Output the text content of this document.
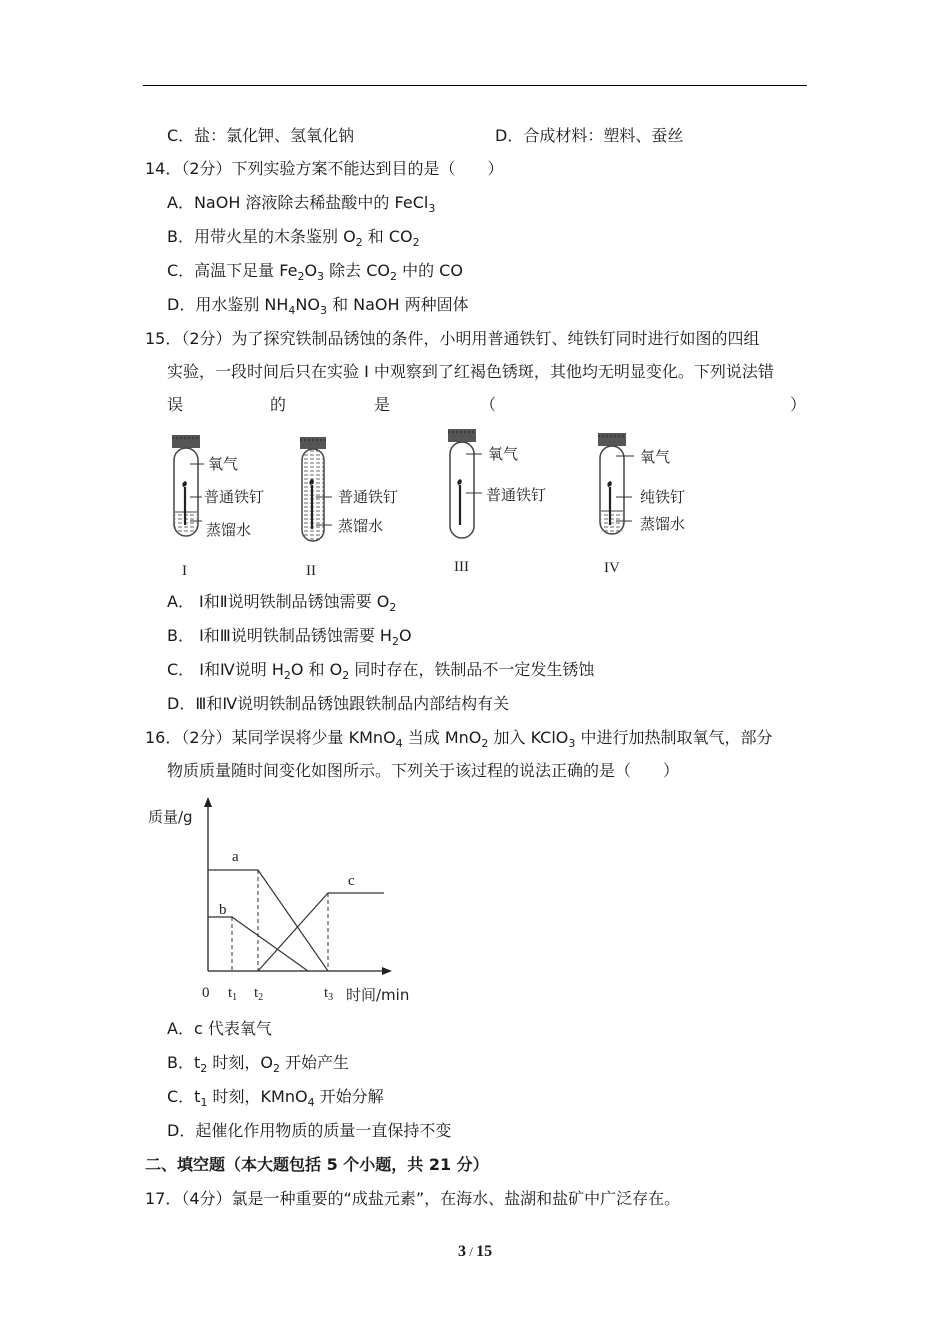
C．盐：氯化钾、氢氧化钠	D．合成材料：塑料、蚕丝
14．（2分）下列实验方案不能达到目的是（　　）
A．NaOH 溶液除去稀盐酸中的 FeCl$_3$
B．用带火星的木条鉴别 $O_2$ 和 $CO_2$
C．高温下足量 $Fe_2O_3$ 除去 $CO_2$ 中的 CO
D．用水鉴别 $NH_4NO_3$ 和 NaOH 两种固体
15．（2分）为了探究铁制品锈蚀的条件，小明用普通铁钉、纯铁钉同时进行如图的四组
实验，一段时间后只在实验 I 中观察到了红褐色锈斑，其他均无明显变化。下列说法错
误	的	是	（	）
氧气
普通铁钉
蒸馏水
I
普通铁钉
蒸馏水
II
氧气
普通铁钉
III
氧气
纯铁钉
蒸馏水
IV
A． Ⅰ和Ⅱ说明铁制品锈蚀需要 $O_2$
B． Ⅰ和Ⅲ说明铁制品锈蚀需要 $H_2O$
C． Ⅰ和Ⅳ说明 $H_2O$ 和 $O_2$ 同时存在，铁制品不一定发生锈蚀
D．Ⅲ和Ⅳ说明铁制品锈蚀跟铁制品内部结构有关
16．（2分）某同学误将少量 KMnO$_4$ 当成 MnO$_2$ 加入 KClO$_3$ 中进行加热制取氧气，部分
物质质量随时间变化如图所示。下列关于该过程的说法正确的是（　　）
质量/g
时间/min
a
b
c
0 $t_1$ $t_2$	$t_3$
A．c 代表氧气
B．$t_2$ 时刻，$O_2$ 开始产生
C．$t_1$ 时刻，KMnO$_4$ 开始分解
D．起催化作用物质的质量一直保持不变
二、填空题（本大题包括 5 个小题，共 21 分）
17．（4分）氯是一种重要的“成盐元素”，在海水、盐湖和盐矿中广泛存在。
3 / 15
